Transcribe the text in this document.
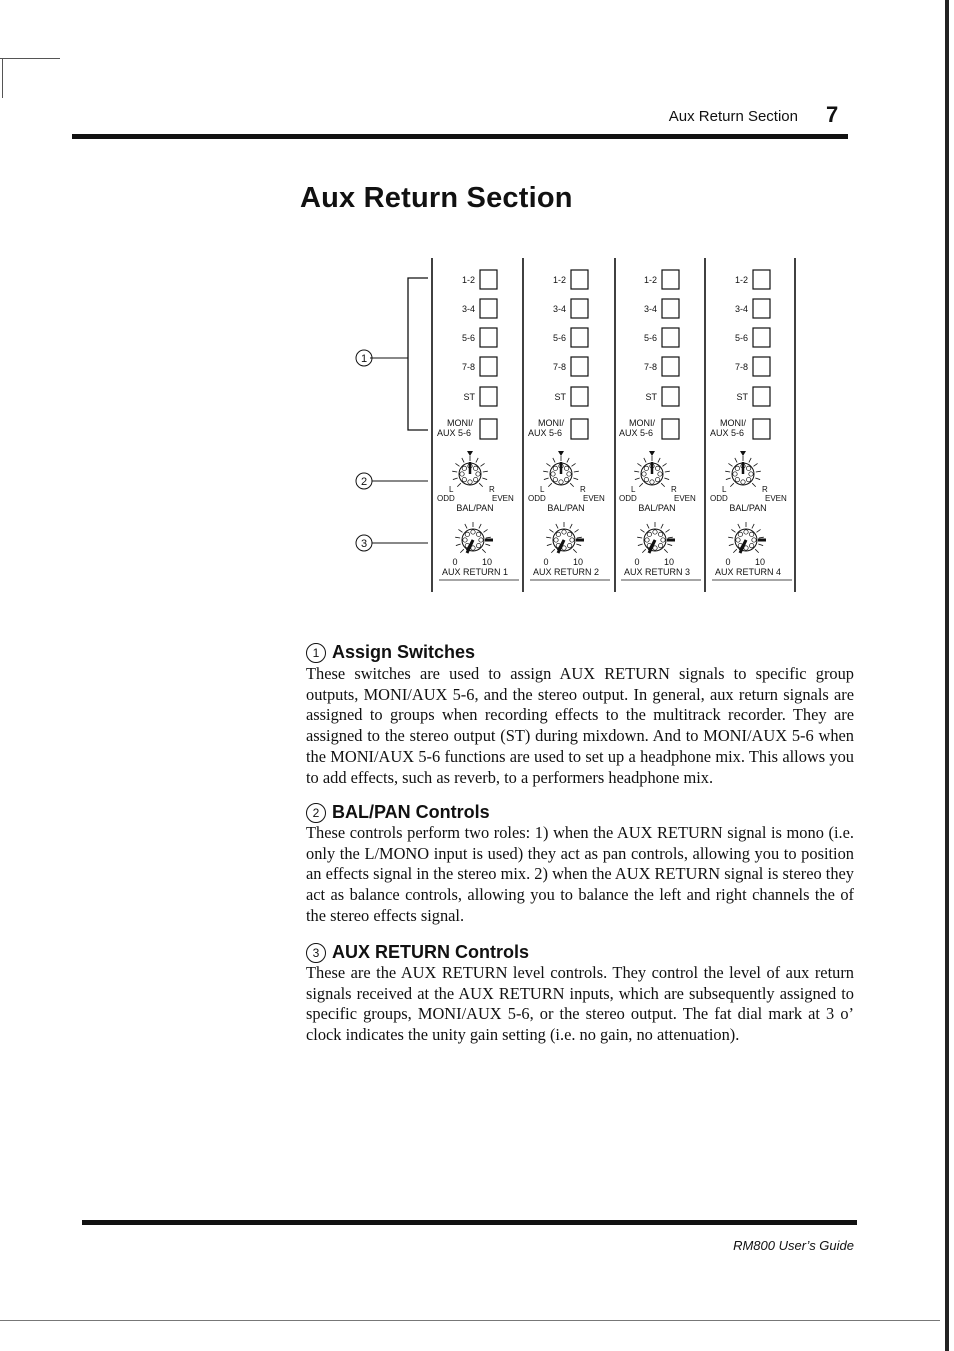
Aux Return Section 7
Aux Return Section
1
2
3
1-2
3-4
5-6
7-8
ST
MONI/
AUX 5-6
L	R
ODD	EVEN
BAL/PAN
0	10
AUX RETURN 1
1-2
3-4
5-6
7-8
ST
MONI/
AUX 5-6
L	R
ODD	EVEN
BAL/PAN
0	10
AUX RETURN 2
1-2
3-4
5-6
7-8
ST
MONI/
AUX 5-6
L	R
ODD	EVEN
BAL/PAN
0	10
AUX RETURN 3
1-2
3-4
5-6
7-8
ST
MONI/
AUX 5-6
L	R
ODD	EVEN
BAL/PAN
0	10
AUX RETURN 4
1 Assign Switches
These switches are used to assign AUX RETURN signals to specific group outputs, MONI/AUX 5-6, and the stereo output. In general, aux return signals are assigned to groups when recording effects to the multitrack recorder. They are assigned to the stereo output (ST) during mixdown. And to MONI/AUX 5-6 when the MONI/AUX 5-6 functions are used to set up a headphone mix. This allows you to add effects, such as reverb, to a performers headphone mix.
2 BAL/PAN Controls
These controls perform two roles: 1) when the AUX RETURN signal is mono (i.e. only the L/MONO input is used) they act as pan controls, allowing you to position an effects signal in the stereo mix. 2) when the AUX RETURN signal is stereo they act as balance controls, allowing you to balance the left and right channels the of the stereo effects signal.
3 AUX RETURN Controls
These are the AUX RETURN level controls. They control the level of aux return signals received at the AUX RETURN inputs, which are subsequently assigned to specific groups, MONI/AUX 5-6, or the stereo output. The fat dial mark at 3 o’ clock indicates the unity gain setting (i.e. no gain, no attenuation).
RM800 User’s Guide
